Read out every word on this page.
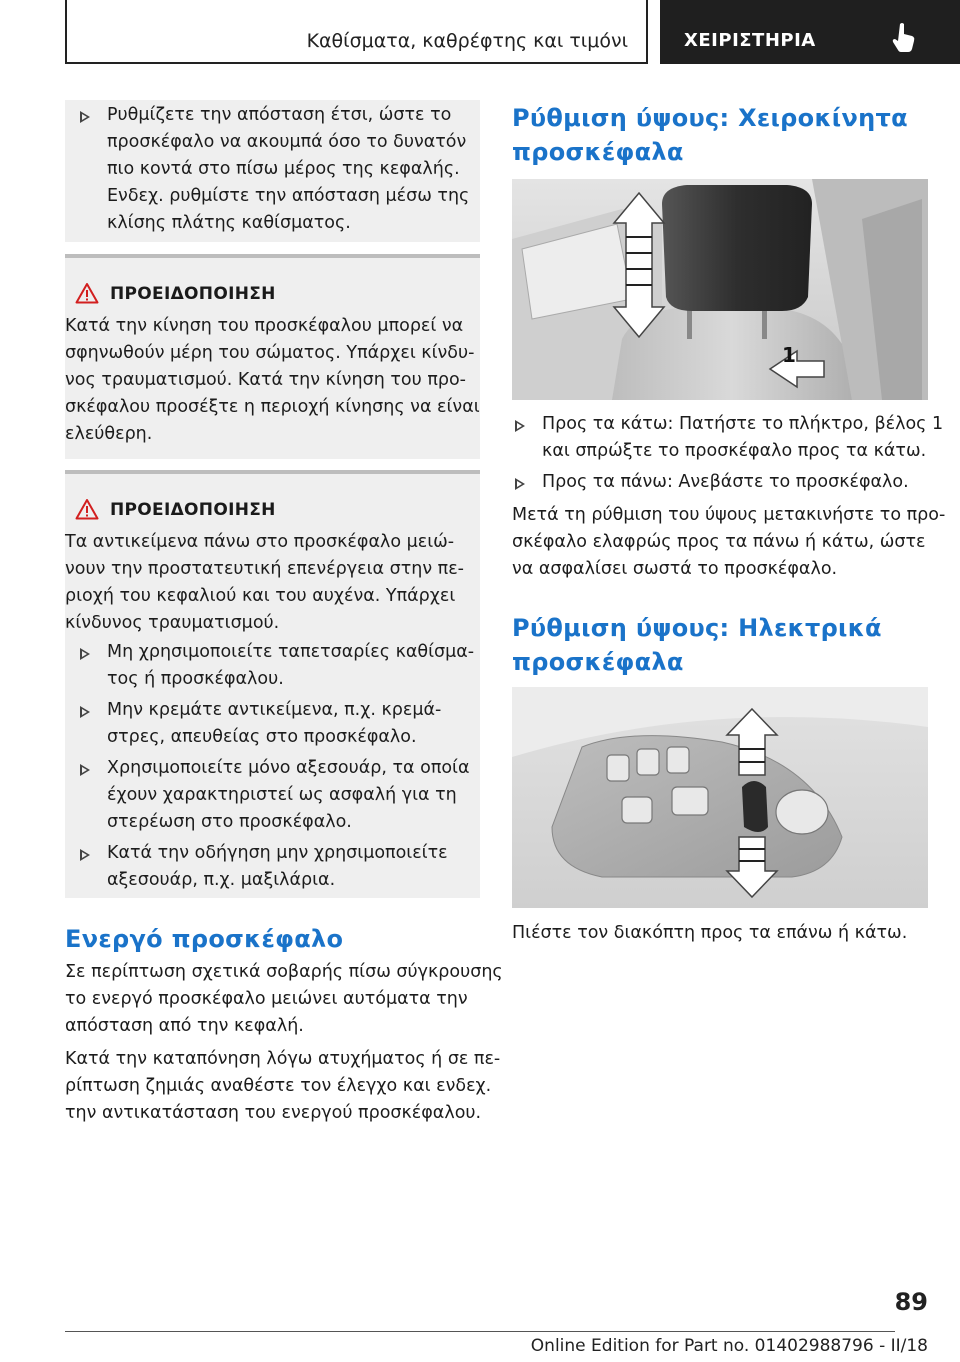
Καθίσματα, καθρέφτης και τιμόνι	ΧΕΙΡΙΣΤΗΡΙΑ
Ρυθμίζετε την απόσταση έτσι, ώστε το
προσκέφαλο να ακουμπά όσο το δυνατόν
πιο κοντά στο πίσω μέρος της κεφαλής.
Ενδεχ. ρυθμίστε την απόσταση μέσω της
κλίσης πλάτης καθίσματος.
ΠΡΟΕΙΔΟΠΟΙΗΣΗ
Κατά την κίνηση του προσκέφαλου μπορεί να
σφηνωθούν μέρη του σώματος. Υπάρχει κίνδυ-
νος τραυματισμού. Κατά την κίνηση του προ-
σκέφαλου προσέξτε η περιοχή κίνησης να είναι
ελεύθερη.
ΠΡΟΕΙΔΟΠΟΙΗΣΗ
Τα αντικείμενα πάνω στο προσκέφαλο μειώ-
νουν την προστατευτική επενέργεια στην πε-
ριοχή του κεφαλιού και του αυχένα. Υπάρχει
κίνδυνος τραυματισμού.
Μη χρησιμοποιείτε ταπετσαρίες καθίσμα-
τος ή προσκέφαλου.
Μην κρεμάτε αντικείμενα, π.χ. κρεμά-
στρες, απευθείας στο προσκέφαλο.
Χρησιμοποιείτε μόνο αξεσουάρ, τα οποία
έχουν χαρακτηριστεί ως ασφαλή για τη
στερέωση στο προσκέφαλο.
Κατά την οδήγηση μην χρησιμοποιείτε
αξεσουάρ, π.χ. μαξιλάρια.
Ενεργό προσκέφαλο
Σε περίπτωση σχετικά σοβαρής πίσω σύγκρουσης
το ενεργό προσκέφαλο μειώνει αυτόματα την
απόσταση από την κεφαλή.
Κατά την καταπόνηση λόγω ατυχήματος ή σε πε-
ρίπτωση ζημιάς αναθέστε τον έλεγχο και ενδεχ.
την αντικατάσταση του ενεργού προσκέφαλου.
Ρύθμιση ύψους: Χειροκίνητα
προσκέφαλα
1
Προς τα κάτω: Πατήστε το πλήκτρο, βέλος 1
και σπρώξτε το προσκέφαλο προς τα κάτω.
Προς τα πάνω: Ανεβάστε το προσκέφαλο.
Μετά τη ρύθμιση του ύψους μετακινήστε το προ-
σκέφαλο ελαφρώς προς τα πάνω ή κάτω, ώστε
να ασφαλίσει σωστά το προσκέφαλο.
Ρύθμιση ύψους: Ηλεκτρικά
προσκέφαλα
Πιέστε τον διακόπτη προς τα επάνω ή κάτω.
89
Online Edition for Part no. 01402988796 - II/18
